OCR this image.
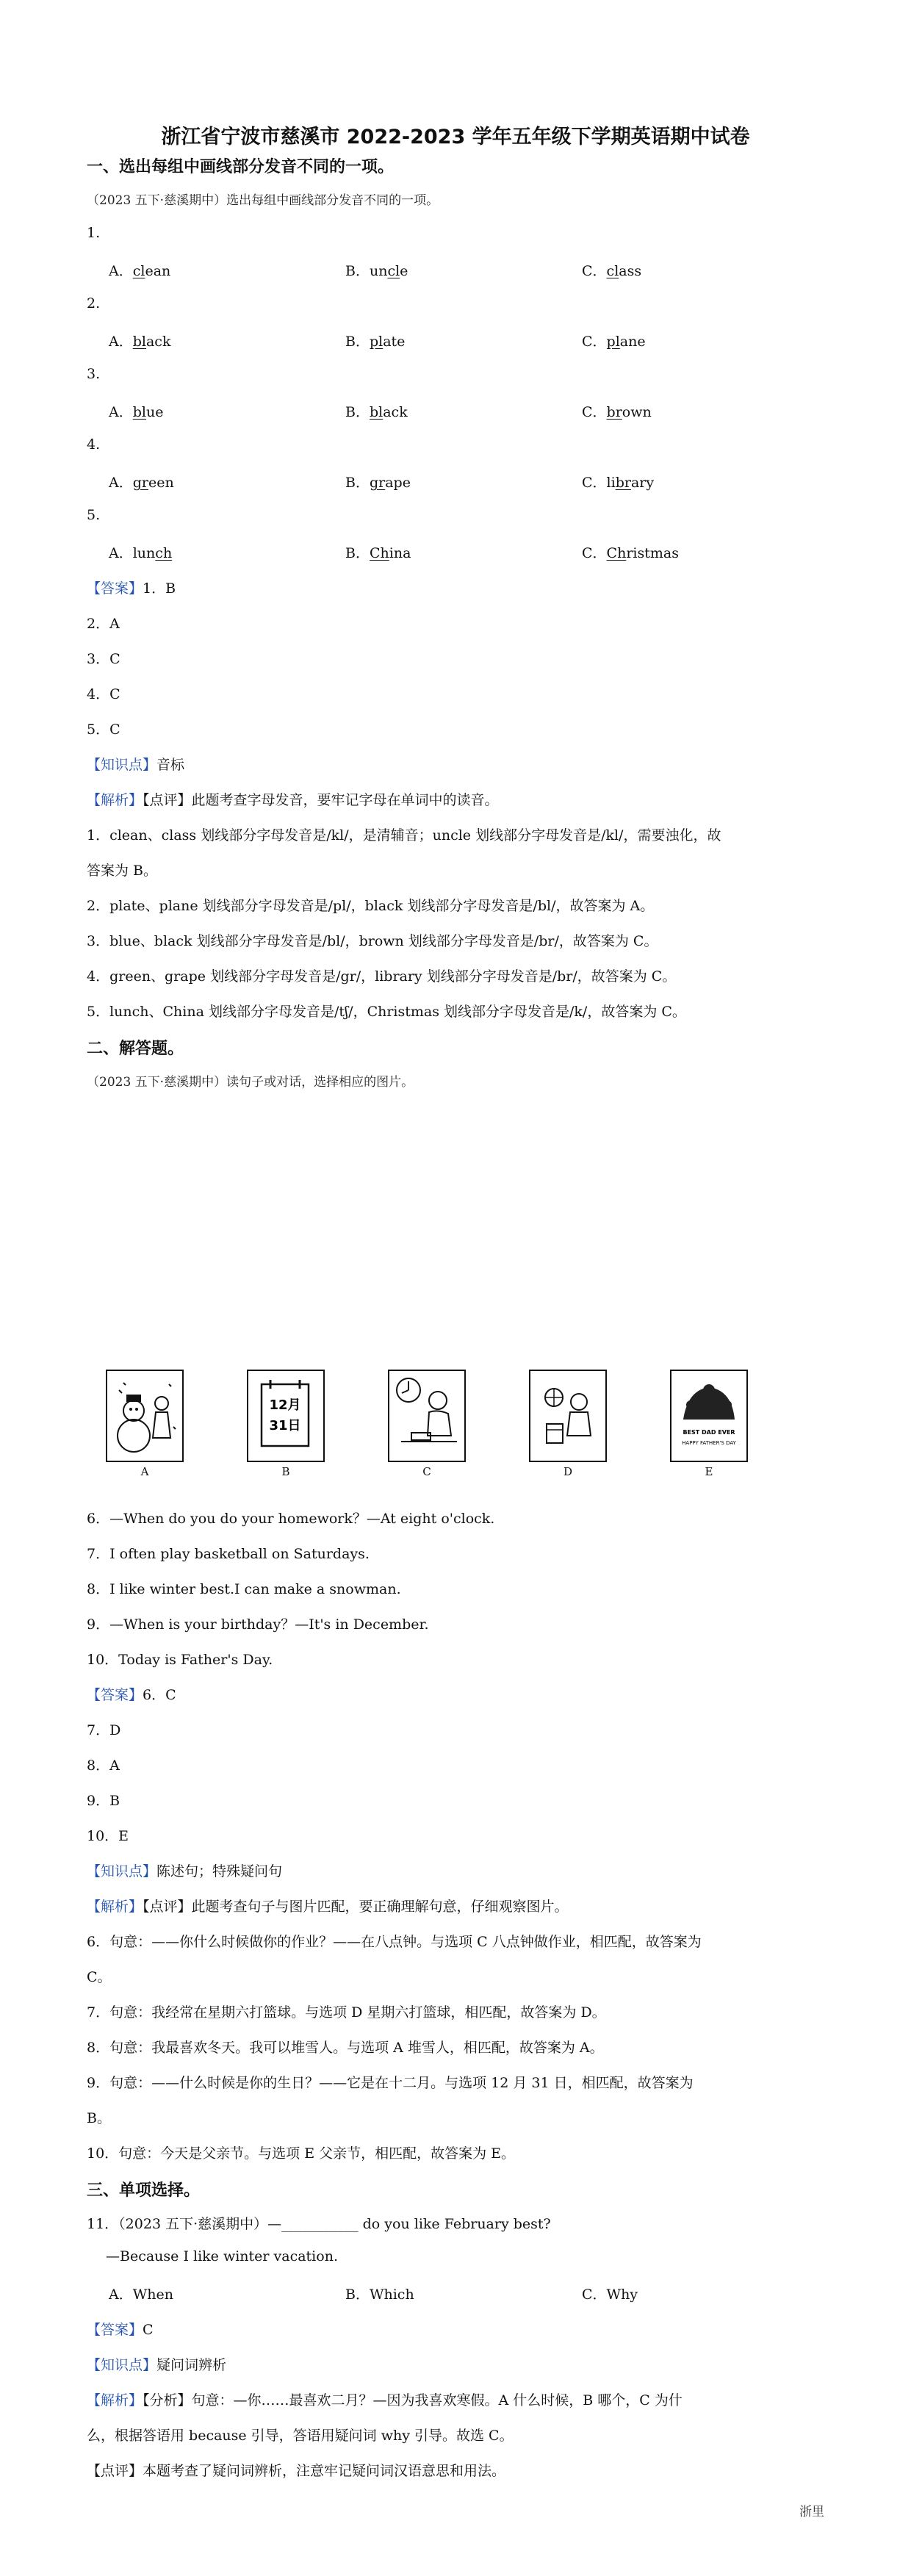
浙江省宁波市慈溪市 2022-2023 学年五年级下学期英语期中试卷
一、选出每组中画线部分发音不同的一项。
（2023 五下·慈溪期中）选出每组中画线部分发音不同的一项。
1.
A．clean	B．uncle	C．class
2.
A．black	B．plate	C．plane
3.
A．blue	B．black	C．brown
4.
A．green	B．grape	C．library
5.
A．lunch	B．China	C．Christmas
【答案】1．B
2．A
3．C
4．C
5．C
【知识点】音标
【解析】【点评】此题考查字母发音，要牢记字母在单词中的读音。
1．clean、class 划线部分字母发音是/kl/，是清辅音；uncle 划线部分字母发音是/kl/，需要浊化，故
答案为 B。
2．plate、plane 划线部分字母发音是/pl/，black 划线部分字母发音是/bl/，故答案为 A。
3．blue、black 划线部分字母发音是/bl/，brown 划线部分字母发音是/br/，故答案为 C。
4．green、grape 划线部分字母发音是/gr/，library 划线部分字母发音是/br/，故答案为 C。
5．lunch、China 划线部分字母发音是/tʃ/，Christmas 划线部分字母发音是/k/，故答案为 C。
二、解答题。
（2023 五下·慈溪期中）读句子或对话，选择相应的图片。
A
12月
31日
B	C	D
BEST DAD EVER
HAPPY FATHER'S DAY
E
6．—When do you do your homework？—At eight o'clock.
7．I often play basketball on Saturdays.
8．I like winter best.I can make a snowman.
9．—When is your birthday？—It's in December.
10．Today is Father's Day.
【答案】6．C
7．D
8．A
9．B
10．E
【知识点】陈述句；特殊疑问句
【解析】【点评】此题考查句子与图片匹配，要正确理解句意，仔细观察图片。
6．句意：——你什么时候做你的作业？——在八点钟。与选项 C 八点钟做作业，相匹配，故答案为
C。
7．句意：我经常在星期六打篮球。与选项 D 星期六打篮球，相匹配，故答案为 D。
8．句意：我最喜欢冬天。我可以堆雪人。与选项 A 堆雪人，相匹配，故答案为 A。
9．句意：——什么时候是你的生日？——它是在十二月。与选项 12 月 31 日，相匹配，故答案为
B。
10．句意：今天是父亲节。与选项 E 父亲节，相匹配，故答案为 E。
三、单项选择。
11．（2023 五下·慈溪期中）—___________ do you like February best?
—Because I like winter vacation.
A．When	B．Which	C．Why
【答案】C
【知识点】疑问词辨析
【解析】【分析】句意：—你……最喜欢二月？—因为我喜欢寒假。A 什么时候，B 哪个，C 为什
么，根据答语用 because 引导，答语用疑问词 why 引导。故选 C。
【点评】本题考查了疑问词辨析，注意牢记疑问词汉语意思和用法。
浙里
